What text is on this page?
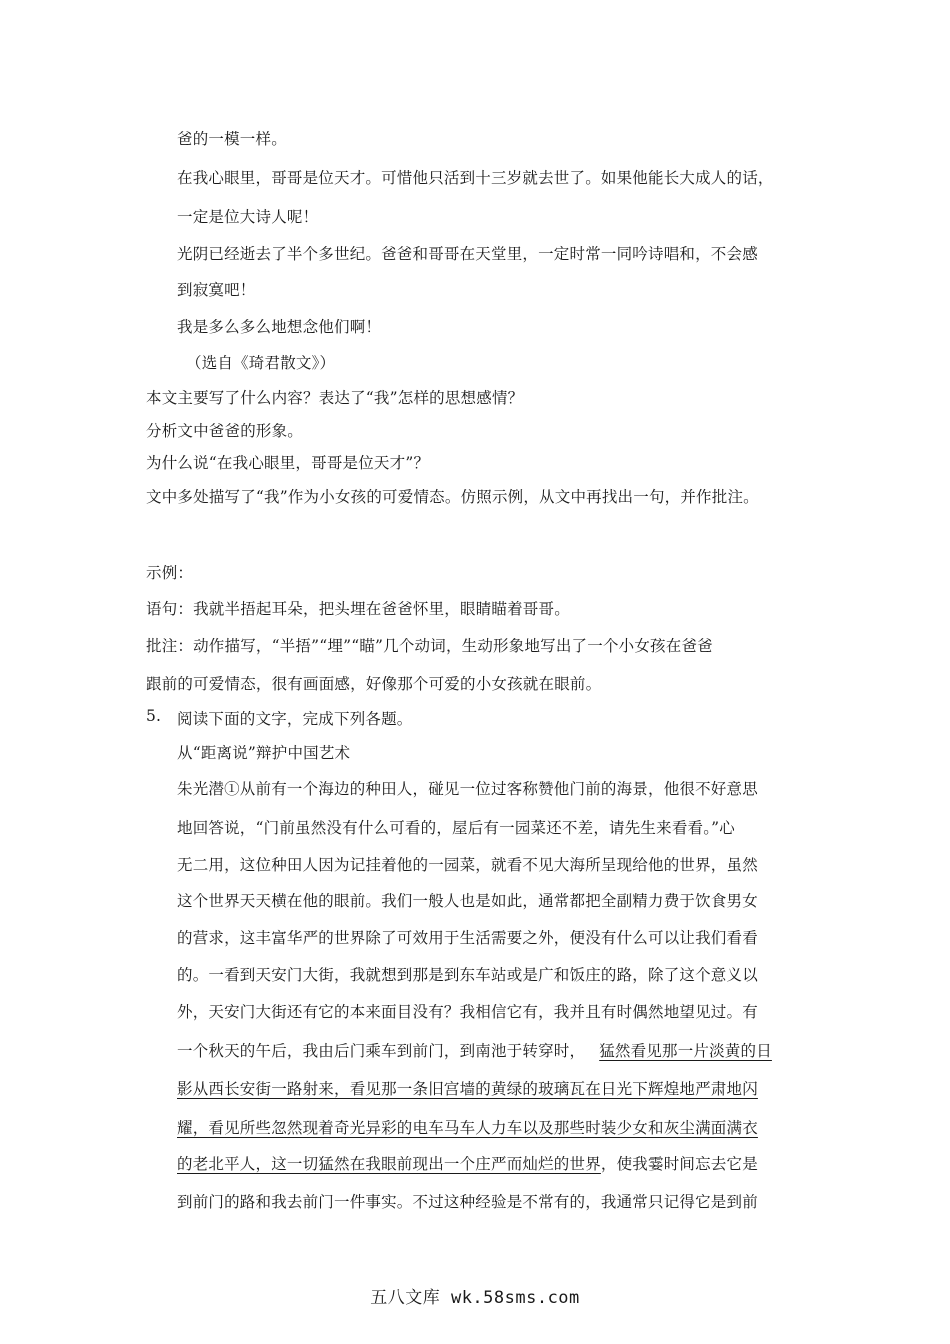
爸的一模一样。
在我心眼里，哥哥是位天才。可惜他只活到十三岁就去世了。如果他能长大成人的话，
一定是位大诗人呢！
光阴已经逝去了半个多世纪。爸爸和哥哥在天堂里，一定时常一同吟诗唱和，不会感
到寂寞吧！
我是多么多么地想念他们啊！
（选自《琦君散文》）
本文主要写了什么内容？表达了“我”怎样的思想感情？
分析文中爸爸的形象。
为什么说“在我心眼里，哥哥是位天才”？
文中多处描写了“我”作为小女孩的可爱情态。仿照示例，从文中再找出一句，并作批注。
示例：
语句：我就半捂起耳朵，把头埋在爸爸怀里，眼睛瞄着哥哥。
批注：动作描写，“半捂”“埋”“瞄”几个动词，生动形象地写出了一个小女孩在爸爸
跟前的可爱情态，很有画面感，好像那个可爱的小女孩就在眼前。
5. 阅读下面的文字，完成下列各题。
从“距离说”辩护中国艺术
朱光潜①从前有一个海边的种田人，碰见一位过客称赞他门前的海景，他很不好意思
地回答说，“门前虽然没有什么可看的，屋后有一园菜还不差，请先生来看看。”心
无二用，这位种田人因为记挂着他的一园菜，就看不见大海所呈现给他的世界，虽然
这个世界天天横在他的眼前。我们一般人也是如此，通常都把全副精力费于饮食男女
的营求，这丰富华严的世界除了可效用于生活需要之外，便没有什么可以让我们看看
的。一看到天安门大街，我就想到那是到东车站或是广和饭庄的路，除了这个意义以
外，天安门大街还有它的本来面目没有？我相信它有，我并且有时偶然地望见过。有
一个秋天的午后，我由后门乘车到前门，到南池于转穿时， 猛然看见那一片淡黄的日
影从西长安街一路射来，看见那一条旧宫墙的黄绿的玻璃瓦在日光下辉煌地严肃地闪
耀，看见所些忽然现着奇光异彩的电车马车人力车以及那些时装少女和灰尘满面满衣
的老北平人，这一切猛然在我眼前现出一个庄严而灿烂的世界，使我霎时间忘去它是
到前门的路和我去前门一件事实。不过这种经验是不常有的，我通常只记得它是到前
五八文库 wk.58sms.com
